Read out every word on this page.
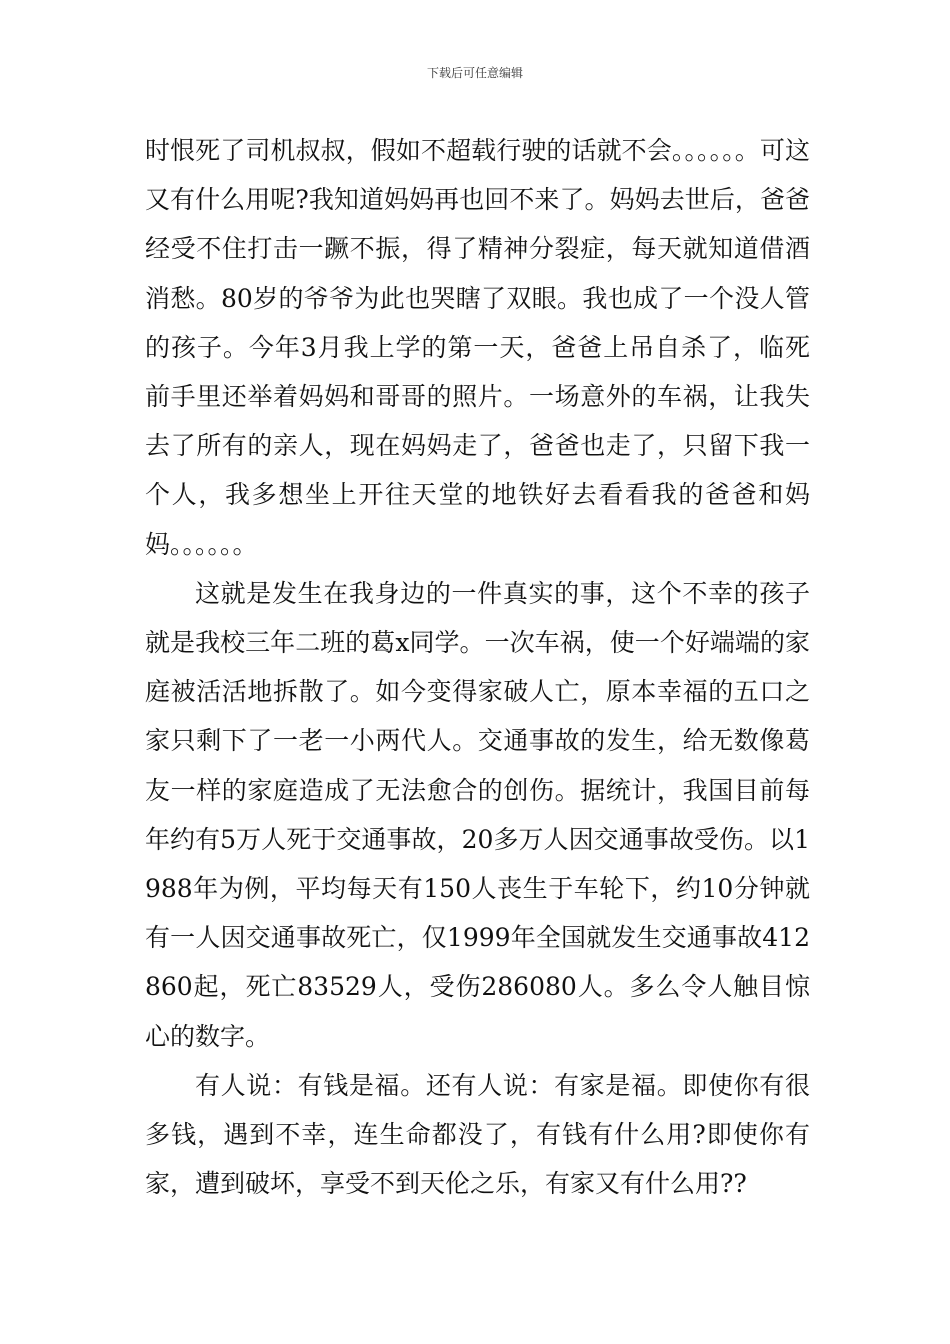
下载后可任意编辑

时恨死了司机叔叔，假如不超载行驶的话就不会。。。。。。可这又有什么用呢?我知道妈妈再也回不来了。妈妈去世后，爸爸经受不住打击一蹶不振，得了精神分裂症，每天就知道借酒消愁。80岁的爷爷为此也哭瞎了双眼。我也成了一个没人管的孩子。今年3月我上学的第一天，爸爸上吊自杀了，临死前手里还举着妈妈和哥哥的照片。一场意外的车祸，让我失去了所有的亲人，现在妈妈走了，爸爸也走了，只留下我一个人，我多想坐上开往天堂的地铁好去看看我的爸爸和妈妈。。。。。。

这就是发生在我身边的一件真实的事，这个不幸的孩子就是我校三年二班的葛x同学。一次车祸，使一个好端端的家庭被活活地拆散了。如今变得家破人亡，原本幸福的五口之家只剩下了一老一小两代人。交通事故的发生，给无数像葛友一样的家庭造成了无法愈合的创伤。据统计，我国目前每年约有5万人死于交通事故，20多万人因交通事故受伤。以1988年为例，平均每天有150人丧生于车轮下，约10分钟就有一人因交通事故死亡，仅1999年全国就发生交通事故412860起，死亡83529人，受伤286080人。多么令人触目惊心的数字。

有人说：有钱是福。还有人说：有家是福。即使你有很多钱，遇到不幸，连生命都没了，有钱有什么用?即使你有家，遭到破坏，享受不到天伦之乐，有家又有什么用??
